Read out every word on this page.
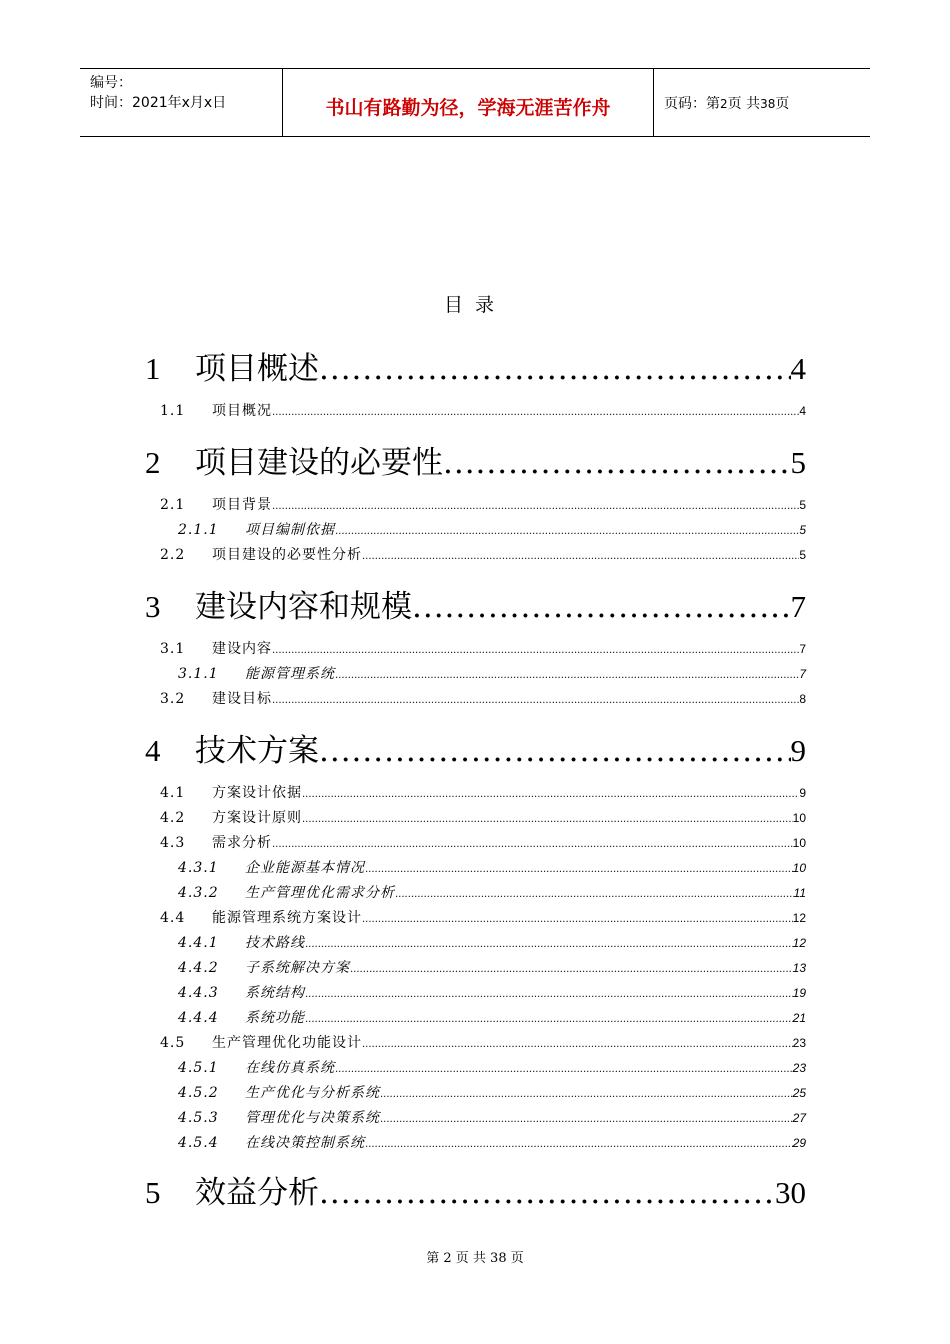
编号：
时间：2021年x月x日	书山有路勤为径，学海无涯苦作舟	页码：第2页 共38页
目录
1	项目概述 .....	4
1.1	项目概况 .....	4
2	项目建设的必要性 .....	5
2.1	项目背景 .....	5
2.1.1	项目编制依据 .....	5
2.2	项目建设的必要性分析 .....	5
3	建设内容和规模 .....	7
3.1	建设内容 .....	7
3.1.1	能源管理系统 .....	7
3.2	建设目标 .....	8
4	技术方案 .....	9
4.1	方案设计依据 .....	9
4.2	方案设计原则 .....	10
4.3	需求分析 .....	10
4.3.1	企业能源基本情况 .....	10
4.3.2	生产管理优化需求分析 .....	11
4.4	能源管理系统方案设计 .....	12
4.4.1	技术路线 .....	12
4.4.2	子系统解决方案 .....	13
4.4.3	系统结构 .....	19
4.4.4	系统功能 .....	21
4.5	生产管理优化功能设计 .....	23
4.5.1	在线仿真系统 .....	23
4.5.2	生产优化与分析系统 .....	25
4.5.3	管理优化与决策系统 .....	27
4.5.4	在线决策控制系统 .....	29
5	效益分析 .....	30
第 2 页 共 38 页
